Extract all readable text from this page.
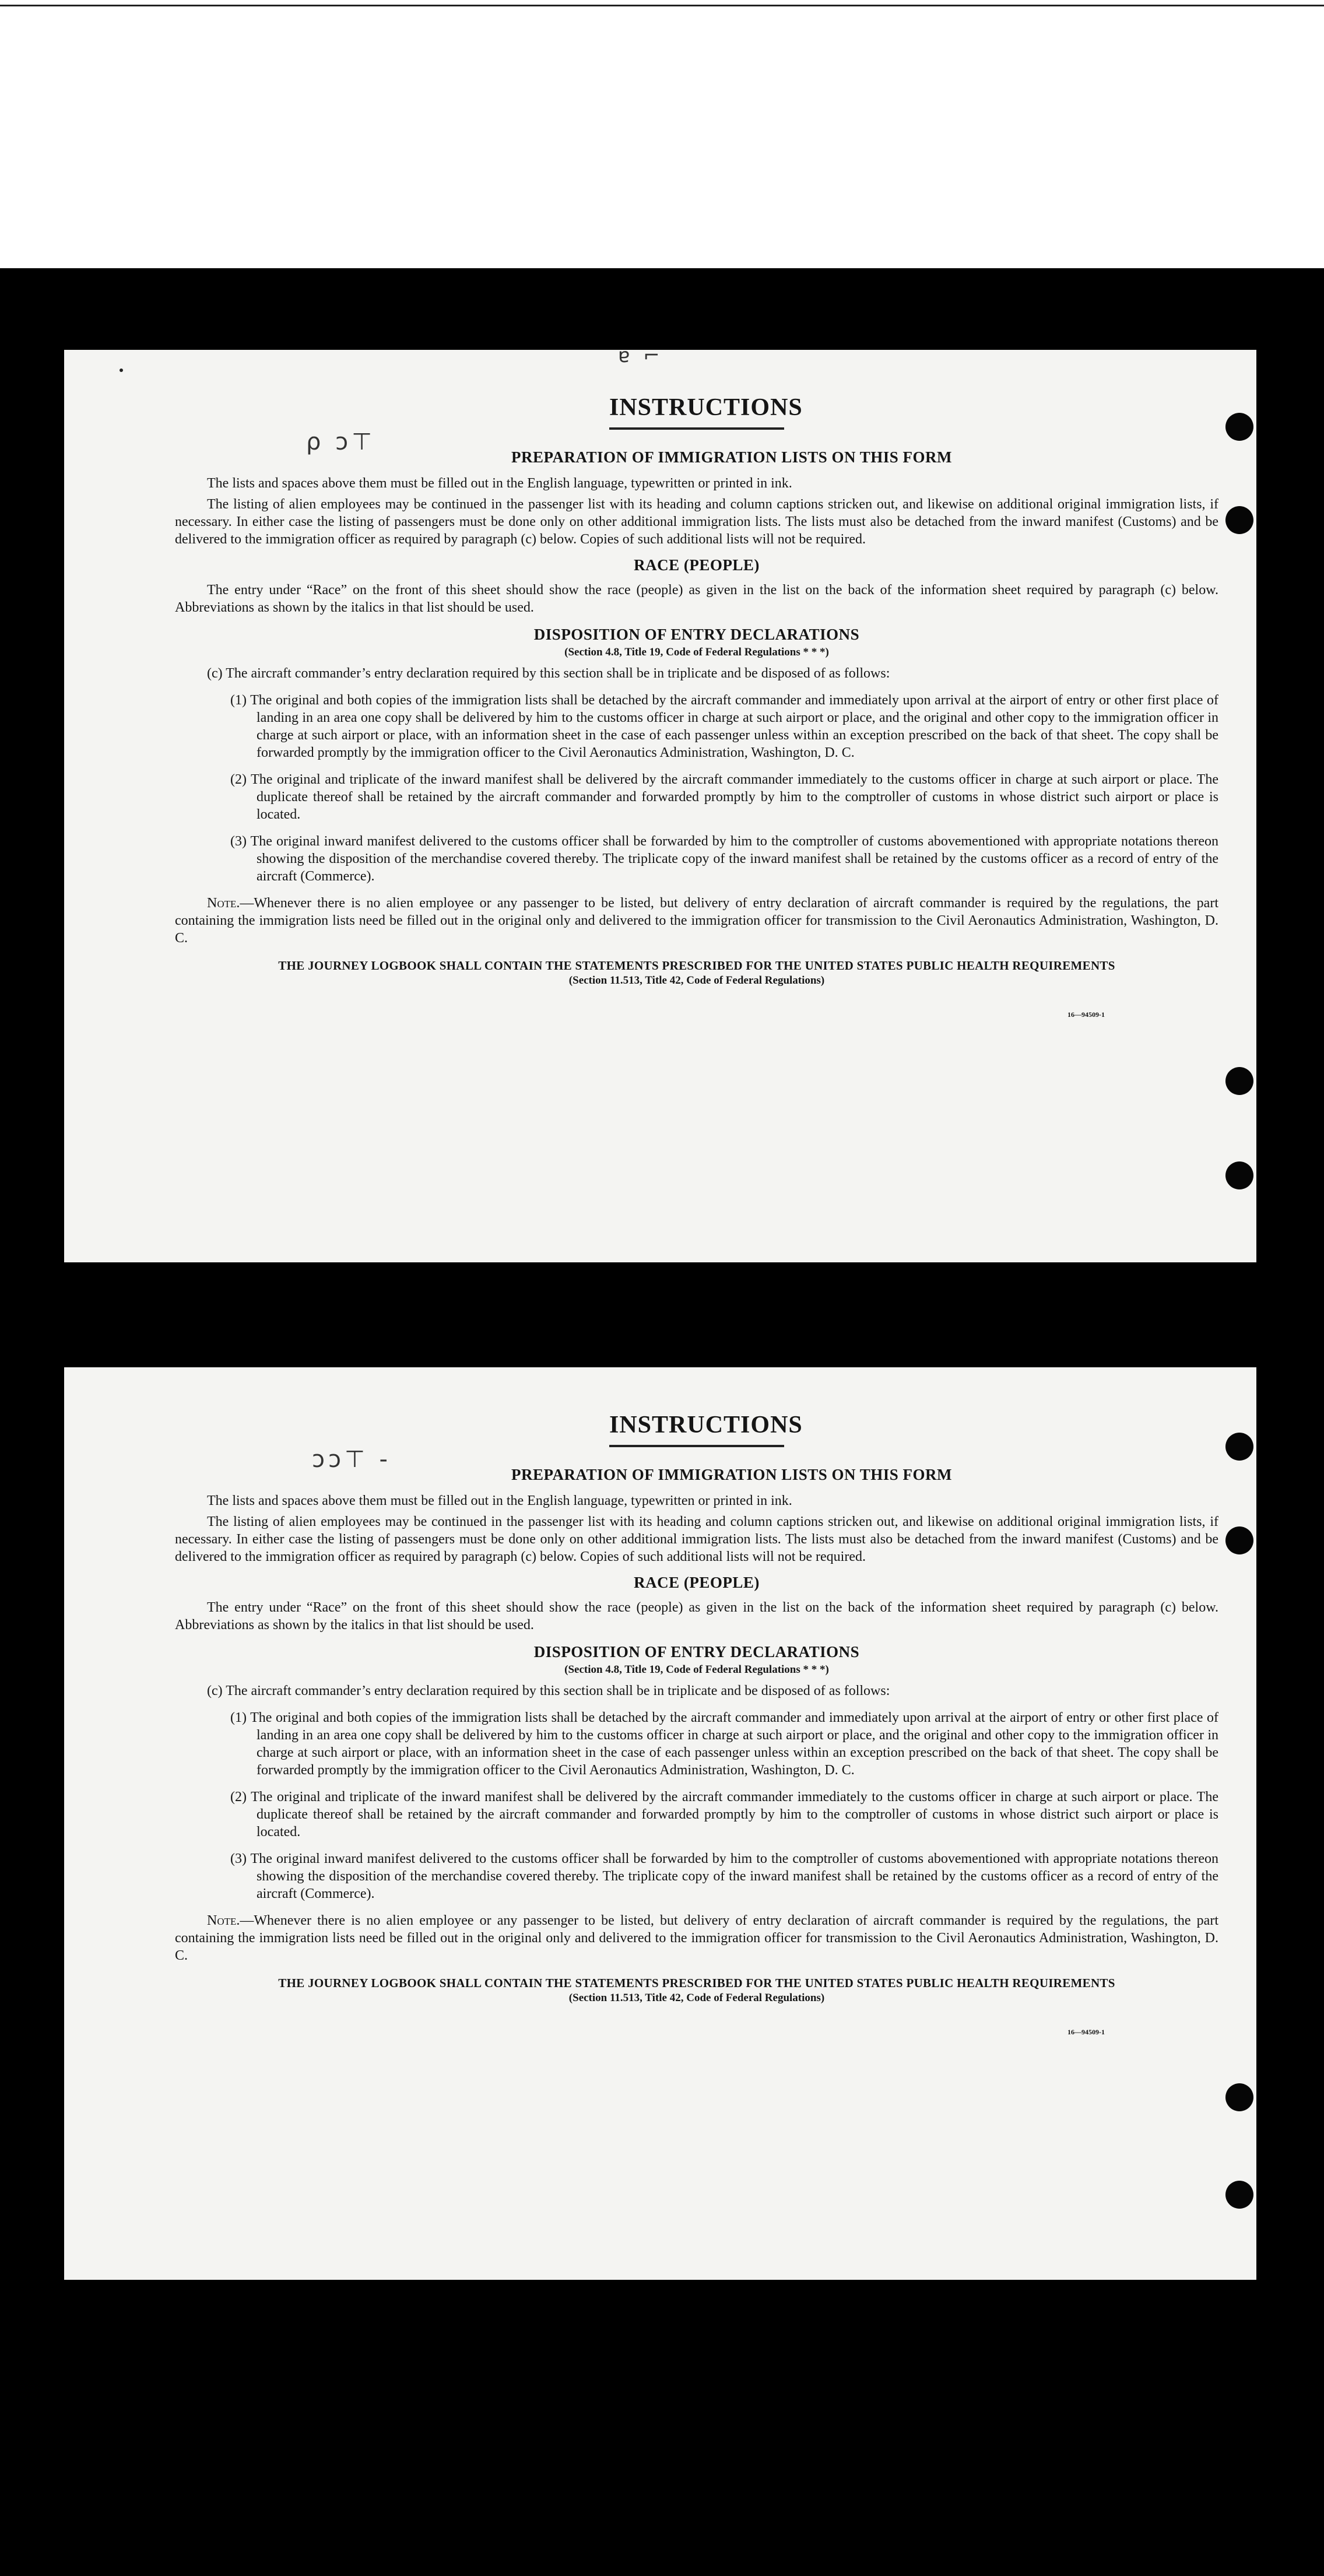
ɐ ⌐
ρ ɔ⊤
INSTRUCTIONS
PREPARATION OF IMMIGRATION LISTS ON THIS FORM

The lists and spaces above them must be filled out in the English language, typewritten or printed in ink.

The listing of alien employees may be continued in the passenger list with its heading and column captions stricken out, and likewise on additional original immigration lists, if necessary. In either case the listing of passengers must be done only on other additional immigration lists. The lists must also be detached from the inward manifest (Customs) and be delivered to the immigration officer as required by paragraph (c) below. Copies of such additional lists will not be required.

RACE (PEOPLE)

The entry under “Race” on the front of this sheet should show the race (people) as given in the list on the back of the information sheet required by paragraph (c) below. Abbreviations as shown by the italics in that list should be used.

DISPOSITION OF ENTRY DECLARATIONS
(Section 4.8, Title 19, Code of Federal Regulations * * *)
(c) The aircraft commander’s entry declaration required by this section shall be in triplicate and be disposed of as follows:
(1) The original and both copies of the immigration lists shall be detached by the aircraft commander and immediately upon arrival at the airport of entry or other first place of landing in an area one copy shall be delivered by him to the customs officer in charge at such airport or place, and the original and other copy to the immigration officer in charge at such airport or place, with an information sheet in the case of each passenger unless within an exception prescribed on the back of that sheet. The copy shall be forwarded promptly by the immigration officer to the Civil Aeronautics Administration, Washington, D. C.
(2) The original and triplicate of the inward manifest shall be delivered by the aircraft commander immediately to the customs officer in charge at such airport or place. The duplicate thereof shall be retained by the aircraft commander and forwarded promptly by him to the comptroller of customs in whose district such airport or place is located.
(3) The original inward manifest delivered to the customs officer shall be forwarded by him to the comptroller of customs abovementioned with appropriate notations thereon showing the disposition of the merchandise covered thereby. The triplicate copy of the inward manifest shall be retained by the customs officer as a record of entry of the aircraft (Commerce).
Note.—Whenever there is no alien employee or any passenger to be listed, but delivery of entry declaration of aircraft commander is required by the regulations, the part containing the immigration lists need be filled out in the original only and delivered to the immigration officer for transmission to the Civil Aeronautics Administration, Washington, D. C.
THE JOURNEY LOGBOOK SHALL CONTAIN THE STATEMENTS PRESCRIBED FOR THE UNITED STATES PUBLIC HEALTH REQUIREMENTS
(Section 11.513, Title 42, Code of Federal Regulations)
16—94509-1
ɔɔ⊤ -
INSTRUCTIONS
PREPARATION OF IMMIGRATION LISTS ON THIS FORM

The lists and spaces above them must be filled out in the English language, typewritten or printed in ink.

The listing of alien employees may be continued in the passenger list with its heading and column captions stricken out, and likewise on additional original immigration lists, if necessary. In either case the listing of passengers must be done only on other additional immigration lists. The lists must also be detached from the inward manifest (Customs) and be delivered to the immigration officer as required by paragraph (c) below. Copies of such additional lists will not be required.

RACE (PEOPLE)

The entry under “Race” on the front of this sheet should show the race (people) as given in the list on the back of the information sheet required by paragraph (c) below. Abbreviations as shown by the italics in that list should be used.

DISPOSITION OF ENTRY DECLARATIONS
(Section 4.8, Title 19, Code of Federal Regulations * * *)
(c) The aircraft commander’s entry declaration required by this section shall be in triplicate and be disposed of as follows:
(1) The original and both copies of the immigration lists shall be detached by the aircraft commander and immediately upon arrival at the airport of entry or other first place of landing in an area one copy shall be delivered by him to the customs officer in charge at such airport or place, and the original and other copy to the immigration officer in charge at such airport or place, with an information sheet in the case of each passenger unless within an exception prescribed on the back of that sheet. The copy shall be forwarded promptly by the immigration officer to the Civil Aeronautics Administration, Washington, D. C.
(2) The original and triplicate of the inward manifest shall be delivered by the aircraft commander immediately to the customs officer in charge at such airport or place. The duplicate thereof shall be retained by the aircraft commander and forwarded promptly by him to the comptroller of customs in whose district such airport or place is located.
(3) The original inward manifest delivered to the customs officer shall be forwarded by him to the comptroller of customs abovementioned with appropriate notations thereon showing the disposition of the merchandise covered thereby. The triplicate copy of the inward manifest shall be retained by the customs officer as a record of entry of the aircraft (Commerce).
Note.—Whenever there is no alien employee or any passenger to be listed, but delivery of entry declaration of aircraft commander is required by the regulations, the part containing the immigration lists need be filled out in the original only and delivered to the immigration officer for transmission to the Civil Aeronautics Administration, Washington, D. C.
THE JOURNEY LOGBOOK SHALL CONTAIN THE STATEMENTS PRESCRIBED FOR THE UNITED STATES PUBLIC HEALTH REQUIREMENTS
(Section 11.513, Title 42, Code of Federal Regulations)
16—94509-1
